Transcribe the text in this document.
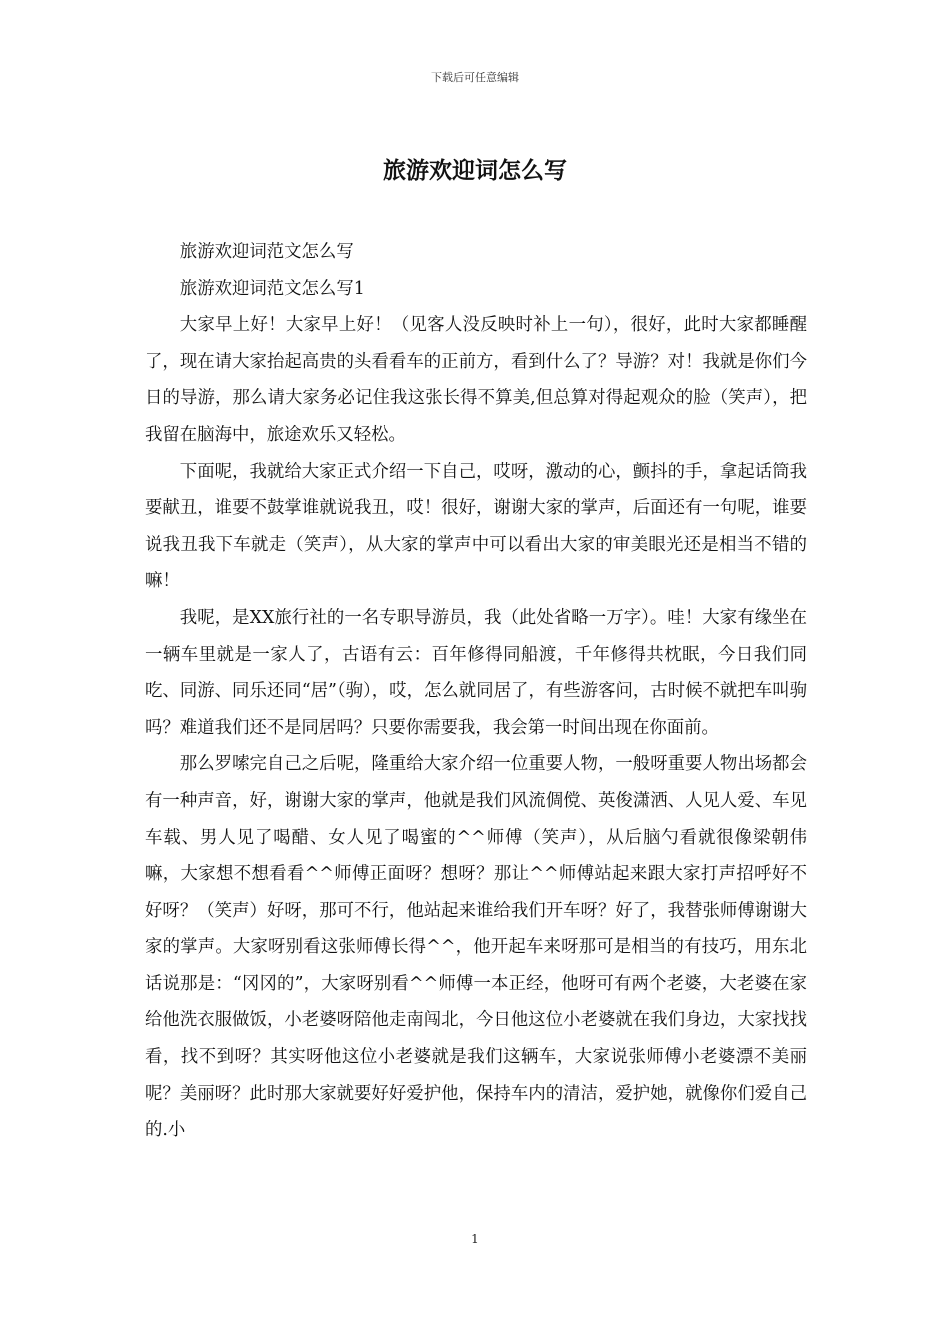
下载后可任意编辑
旅游欢迎词怎么写

旅游欢迎词范文怎么写

旅游欢迎词范文怎么写1

大家早上好！大家早上好！（见客人没反映时补上一句），很好，此时大家都睡醒了，现在请大家抬起高贵的头看看车的正前方，看到什么了？导游？对！我就是你们今日的导游，那么请大家务必记住我这张长得不算美,但总算对得起观众的脸（笑声），把我留在脑海中，旅途欢乐又轻松。

下面呢，我就给大家正式介绍一下自己，哎呀，激动的心，颤抖的手，拿起话筒我要献丑，谁要不鼓掌谁就说我丑，哎！很好，谢谢大家的掌声，后面还有一句呢，谁要说我丑我下车就走（笑声），从大家的掌声中可以看出大家的审美眼光还是相当不错的嘛！

我呢，是XX旅行社的一名专职导游员，我（此处省略一万字）。哇！大家有缘坐在一辆车里就是一家人了，古语有云：百年修得同船渡，千年修得共枕眠，今日我们同吃、同游、同乐还同“居”（驹），哎，怎么就同居了，有些游客问，古时候不就把车叫驹吗？难道我们还不是同居吗？只要你需要我，我会第一时间出现在你面前。

那么罗嗦完自己之后呢，隆重给大家介绍一位重要人物，一般呀重要人物出场都会有一种声音，好，谢谢大家的掌声，他就是我们风流倜傥、英俊潇洒、人见人爱、车见车载、男人见了喝醋、女人见了喝蜜的^^师傅（笑声），从后脑勺看就很像梁朝伟嘛，大家想不想看看^^师傅正面呀？想呀？那让^^师傅站起来跟大家打声招呼好不好呀？（笑声）好呀，那可不行，他站起来谁给我们开车呀？好了，我替张师傅谢谢大家的掌声。大家呀别看这张师傅长得^^，他开起车来呀那可是相当的有技巧，用东北话说那是：“冈冈的”，大家呀别看^^师傅一本正经，他呀可有两个老婆，大老婆在家给他洗衣服做饭，小老婆呀陪他走南闯北，今日他这位小老婆就在我们身边，大家找找看，找不到呀？其实呀他这位小老婆就是我们这辆车，大家说张师傅小老婆漂不美丽呢？美丽呀？此时那大家就要好好爱护他，保持车内的清洁，爱护她，就像你们爱自己的.小

1
